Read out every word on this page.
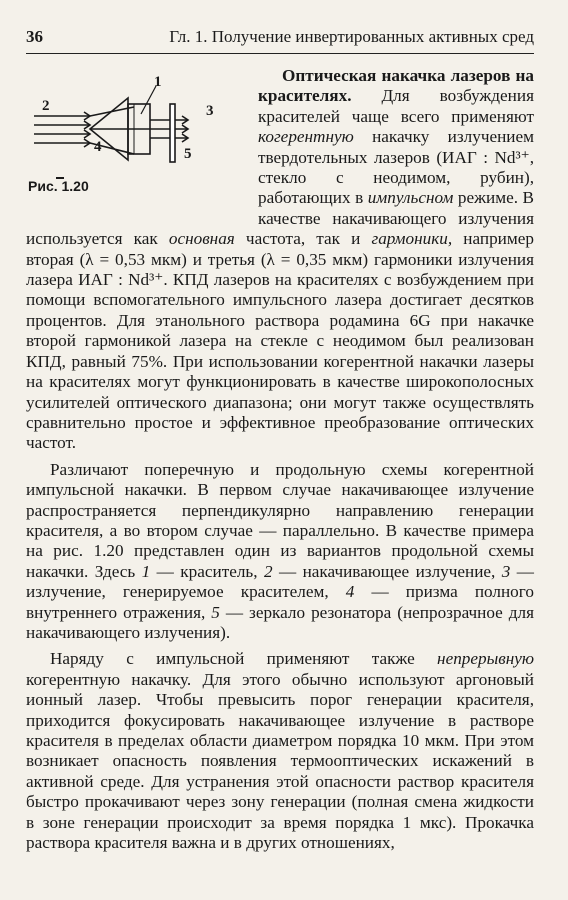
36	Гл. 1. Получение инвертированных активных сред
1
2	3
4	5
Рис. 1.20

Оптическая накачка лазеров на красителях. Для возбуждения красителей чаще всего применяют когерентную накачку излучением твердотельных лазеров (ИАГ : Nd³⁺, стекло с неодимом, рубин), работающих в импульсном режиме. В качестве накачивающего излучения используется как основная частота, так и гармоники, например вторая (λ = 0,53 мкм) и третья (λ = 0,35 мкм) гармоники излучения лазера ИАГ : Nd³⁺. КПД лазеров на красителях с возбуждением при помощи вспомогательного импульсного лазера достигает десятков процентов. Для этанольного раствора родамина 6G при накачке второй гармоникой лазера на стекле с неодимом был реализован КПД, равный 75%. При использовании когерентной накачки лазеры на красителях могут функционировать в качестве широкополосных усилителей оптического диапазона; они могут также осуществлять сравнительно простое и эффективное преобразование оптических частот.

Различают поперечную и продольную схемы когерентной импульсной накачки. В первом случае накачивающее излучение распространяется перпендикулярно направлению генерации красителя, а во втором случае — параллельно. В качестве примера на рис. 1.20 представлен один из вариантов продольной схемы накачки. Здесь 1 — краситель, 2 — накачивающее излучение, 3 — излучение, генерируемое красителем, 4 — призма полного внутреннего отражения, 5 — зеркало резонатора (непрозрачное для накачивающего излучения).

Наряду с импульсной применяют также непрерывную когерентную накачку. Для этого обычно используют аргоновый ионный лазер. Чтобы превысить порог генерации красителя, приходится фокусировать накачивающее излучение в растворе красителя в пределах области диаметром порядка 10 мкм. При этом возникает опасность появления термооптических искажений в активной среде. Для устранения этой опасности раствор красителя быстро прокачивают через зону генерации (полная смена жидкости в зоне генерации происходит за время порядка 1 мкс). Прокачка раствора красителя важна и в других отношениях,
